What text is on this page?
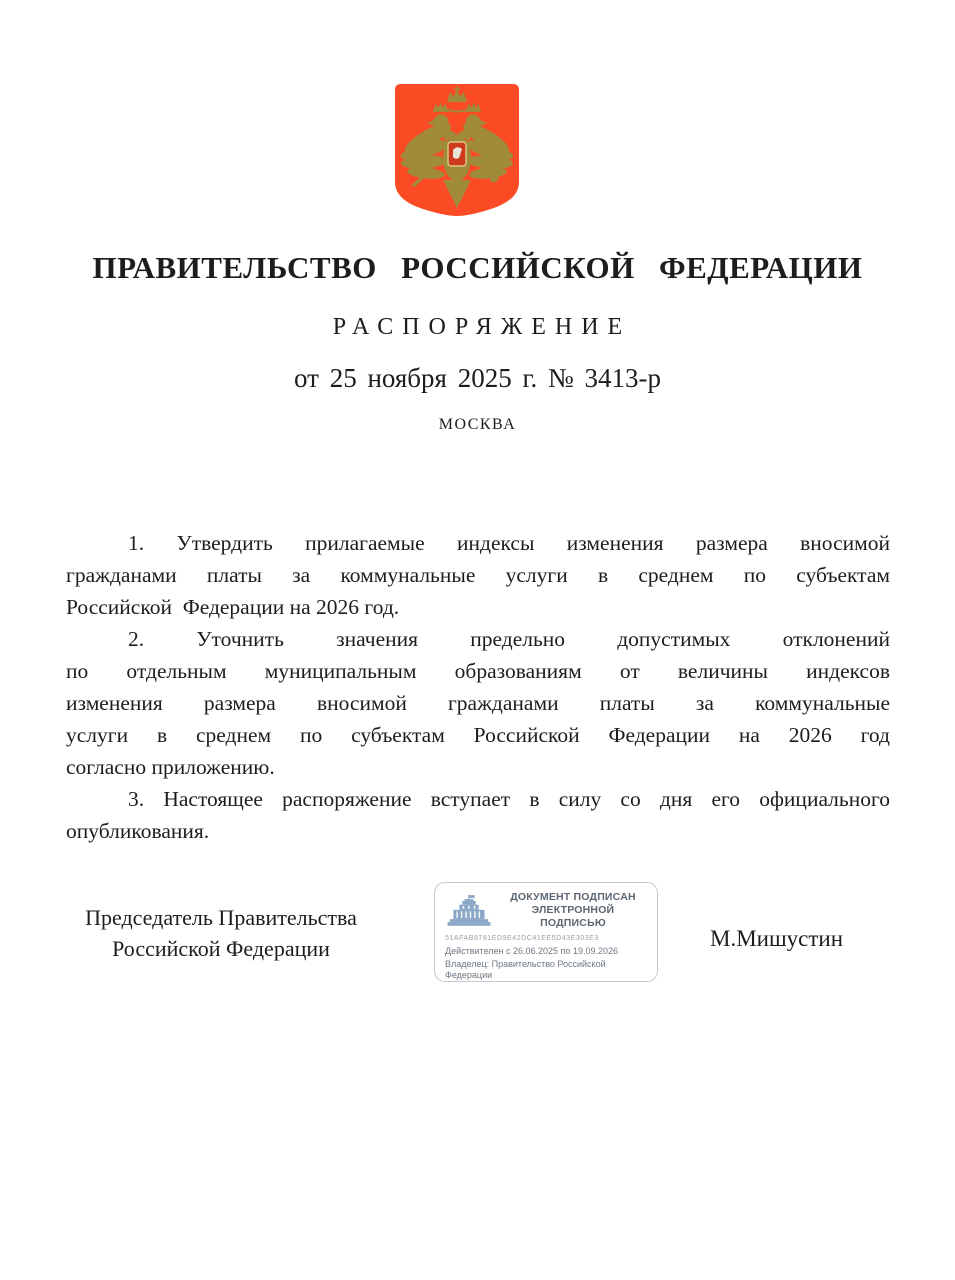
ПРАВИТЕЛЬСТВО РОССИЙСКОЙ ФЕДЕРАЦИИ
РАСПОРЯЖЕНИЕ
от 25 ноября 2025 г. № 3413-р
МОСКВА
1. Утвердить прилагаемые индексы изменения размера вносимой
гражданами платы за коммунальные услуги в среднем по субъектам
Российской  Федерации на 2026 год.
2. Уточнить значения предельно допустимых отклонений
по отдельным муниципальным образованиям от величины индексов
изменения размера вносимой гражданами платы за коммунальные
услуги в среднем по субъектам Российской Федерации на 2026 год
согласно приложению.
3. Настоящее распоряжение вступает в силу со дня его официального
опубликования.
Председатель Правительства
Российской Федерации
ДОКУМЕНТ ПОДПИСАН
ЭЛЕКТРОННОЙ ПОДПИСЬЮ
51AFAB8781ED9E42DC41EE5D43E303E3
Действителен с 26.06.2025 по 19.09.2026
Владелец: Правительство Российской Федерации
М.Мишустин
